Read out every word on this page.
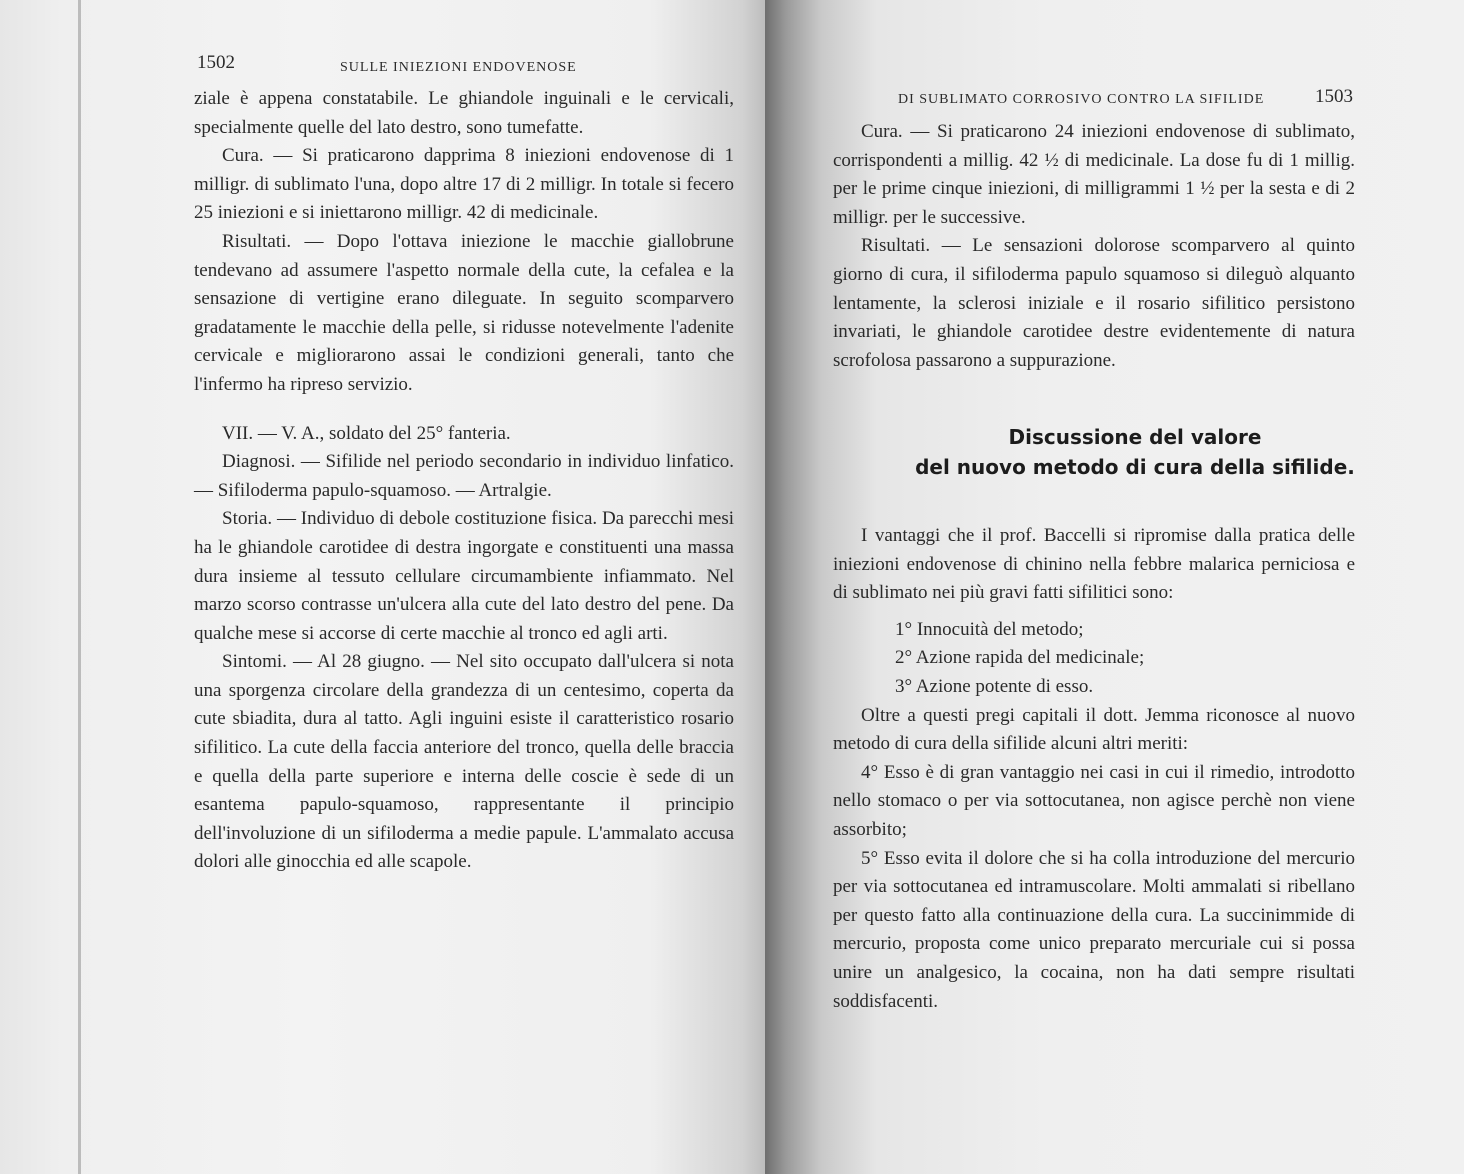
1502	SULLE INIEZIONI ENDOVENOSE

ziale è appena constatabile. Le ghiandole inguinali e le cervicali, specialmente quelle del lato destro, sono tumefatte.

Cura. — Si praticarono dapprima 8 iniezioni endovenose di 1 milligr. di sublimato l'una, dopo altre 17 di 2 milligr. In totale si fecero 25 iniezioni e si iniettarono milligr. 42 di medicinale.

Risultati. — Dopo l'ottava iniezione le macchie giallobrune tendevano ad assumere l'aspetto normale della cute, la cefalea e la sensazione di vertigine erano dileguate. In seguito scomparvero gradatamente le macchie della pelle, si ridusse notevelmente l'adenite cervicale e migliorarono assai le condizioni generali, tanto che l'infermo ha ripreso servizio.

VII. — V. A., soldato del 25° fanteria.

Diagnosi. — Sifilide nel periodo secondario in individuo linfatico. — Sifiloderma papulo-squamoso. — Artralgie.

Storia. — Individuo di debole costituzione fisica. Da parecchi mesi ha le ghiandole carotidee di destra ingorgate e constituenti una massa dura insieme al tessuto cellulare circumambiente infiammato. Nel marzo scorso contrasse un'ulcera alla cute del lato destro del pene. Da qualche mese si accorse di certe macchie al tronco ed agli arti.

Sintomi. — Al 28 giugno. — Nel sito occupato dall'ulcera si nota una sporgenza circolare della grandezza di un centesimo, coperta da cute sbiadita, dura al tatto. Agli inguini esiste il caratteristico rosario sifilitico. La cute della faccia anteriore del tronco, quella delle braccia e quella della parte superiore e interna delle coscie è sede di un esantema papulo-squamoso, rappresentante il principio dell'involuzione di un sifiloderma a medie papule. L'ammalato accusa dolori alle ginocchia ed alle scapole.

DI SUBLIMATO CORROSIVO CONTRO LA SIFILIDE	1503

Cura. — Si praticarono 24 iniezioni endovenose di sublimato, corrispondenti a millig. 42 ½ di medicinale. La dose fu di 1 millig. per le prime cinque iniezioni, di milligrammi 1 ½ per la sesta e di 2 milligr. per le successive.

Risultati. — Le sensazioni dolorose scomparvero al quinto giorno di cura, il sifiloderma papulo squamoso si dileguò alquanto lentamente, la sclerosi iniziale e il rosario sifilitico persistono invariati, le ghiandole carotidee destre evidentemente di natura scrofolosa passarono a suppurazione.

Discussione del valore
del nuovo metodo di cura della sifilide.

I vantaggi che il prof. Baccelli si ripromise dalla pratica delle iniezioni endovenose di chinino nella febbre malarica perniciosa e di sublimato nei più gravi fatti sifilitici sono:

1° Innocuità del metodo;

2° Azione rapida del medicinale;

3° Azione potente di esso.

Oltre a questi pregi capitali il dott. Jemma riconosce al nuovo metodo di cura della sifilide alcuni altri meriti:

4° Esso è di gran vantaggio nei casi in cui il rimedio, introdotto nello stomaco o per via sottocutanea, non agisce perchè non viene assorbito;

5° Esso evita il dolore che si ha colla introduzione del mercurio per via sottocutanea ed intramuscolare. Molti ammalati si ribellano per questo fatto alla continuazione della cura. La succinimmide di mercurio, proposta come unico preparato mercuriale cui si possa unire un analgesico, la cocaina, non ha dati sempre risultati soddisfacenti.
